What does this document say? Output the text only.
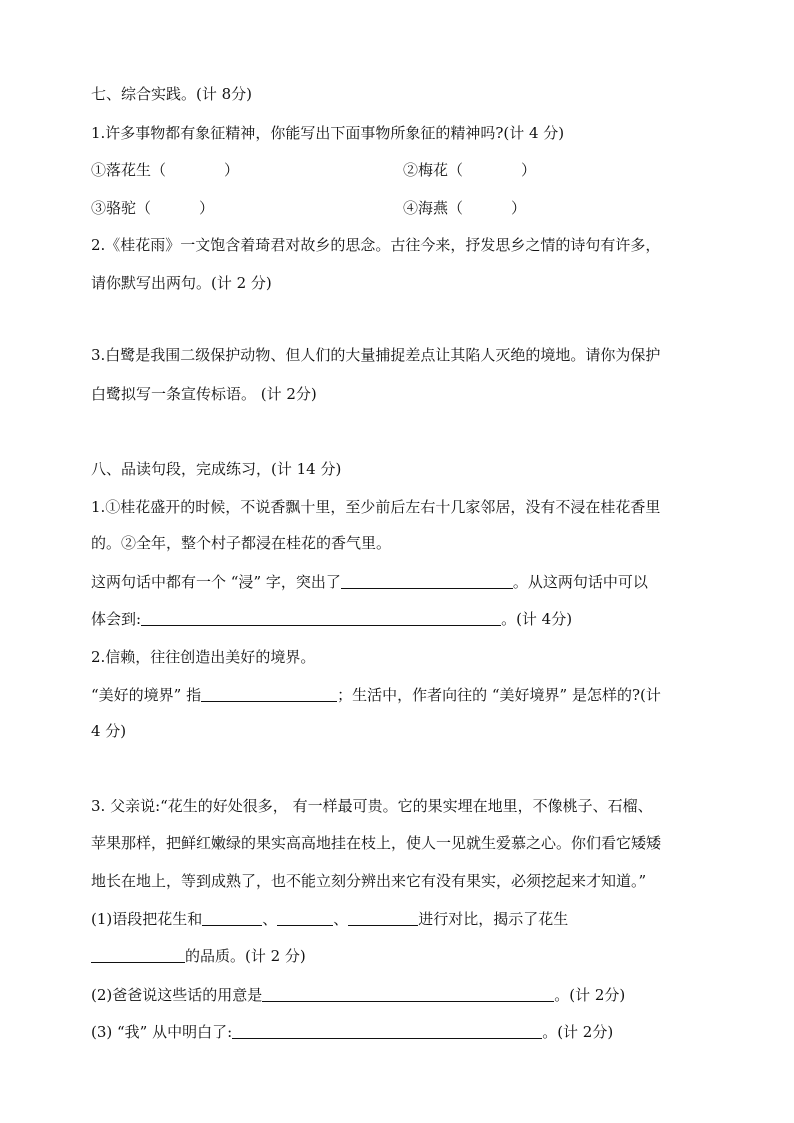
七、综合实践。(计 8分)
1.许多事物都有象征精神，你能写出下面事物所象征的精神吗?(计 4 分)
①落花生（	）	②梅花（	）
③骆驼（	）	④海燕（	）
2.《桂花雨》一文饱含着琦君对故乡的思念。古往今来，抒发思乡之情的诗句有许多，
请你默写出两句。(计 2 分)
3.白鹭是我围二级保护动物、但人们的大量捕捉差点让其陷人灭绝的境地。请你为保护
白鹭拟写一条宣传标语。 (计 2分)
八、品读句段，完成练习，(计 14 分)
1.①桂花盛开的时候，不说香飘十里，至少前后左右十几家邻居，没有不浸在桂花香里
的。②全年，整个村子都浸在桂花的香气里。
这两句话中都有一个 “浸” 字，突出了	。从这两句话中可以
体会到:	。(计 4分)
2.信赖，往往创造出美好的境界。
“美好的境界” 指	；生活中，作者向往的 “美好境界” 是怎样的?(计
4 分)
3. 父亲说:“花生的好处很多， 有一样最可贵。它的果实埋在地里，不像桃子、石榴、
苹果那样，把鲜红嫩绿的果实高高地挂在枝上，使人一见就生爱慕之心。你们看它矮矮
地长在地上，等到成熟了，也不能立刻分辨出来它有没有果实，必须挖起来才知道。”
(1)语段把花生和	、	、	进行对比，揭示了花生
的品质。(计 2 分)
(2)爸爸说这些话的用意是	。(计 2分)
(3) “我” 从中明白了:	。(计 2分)
